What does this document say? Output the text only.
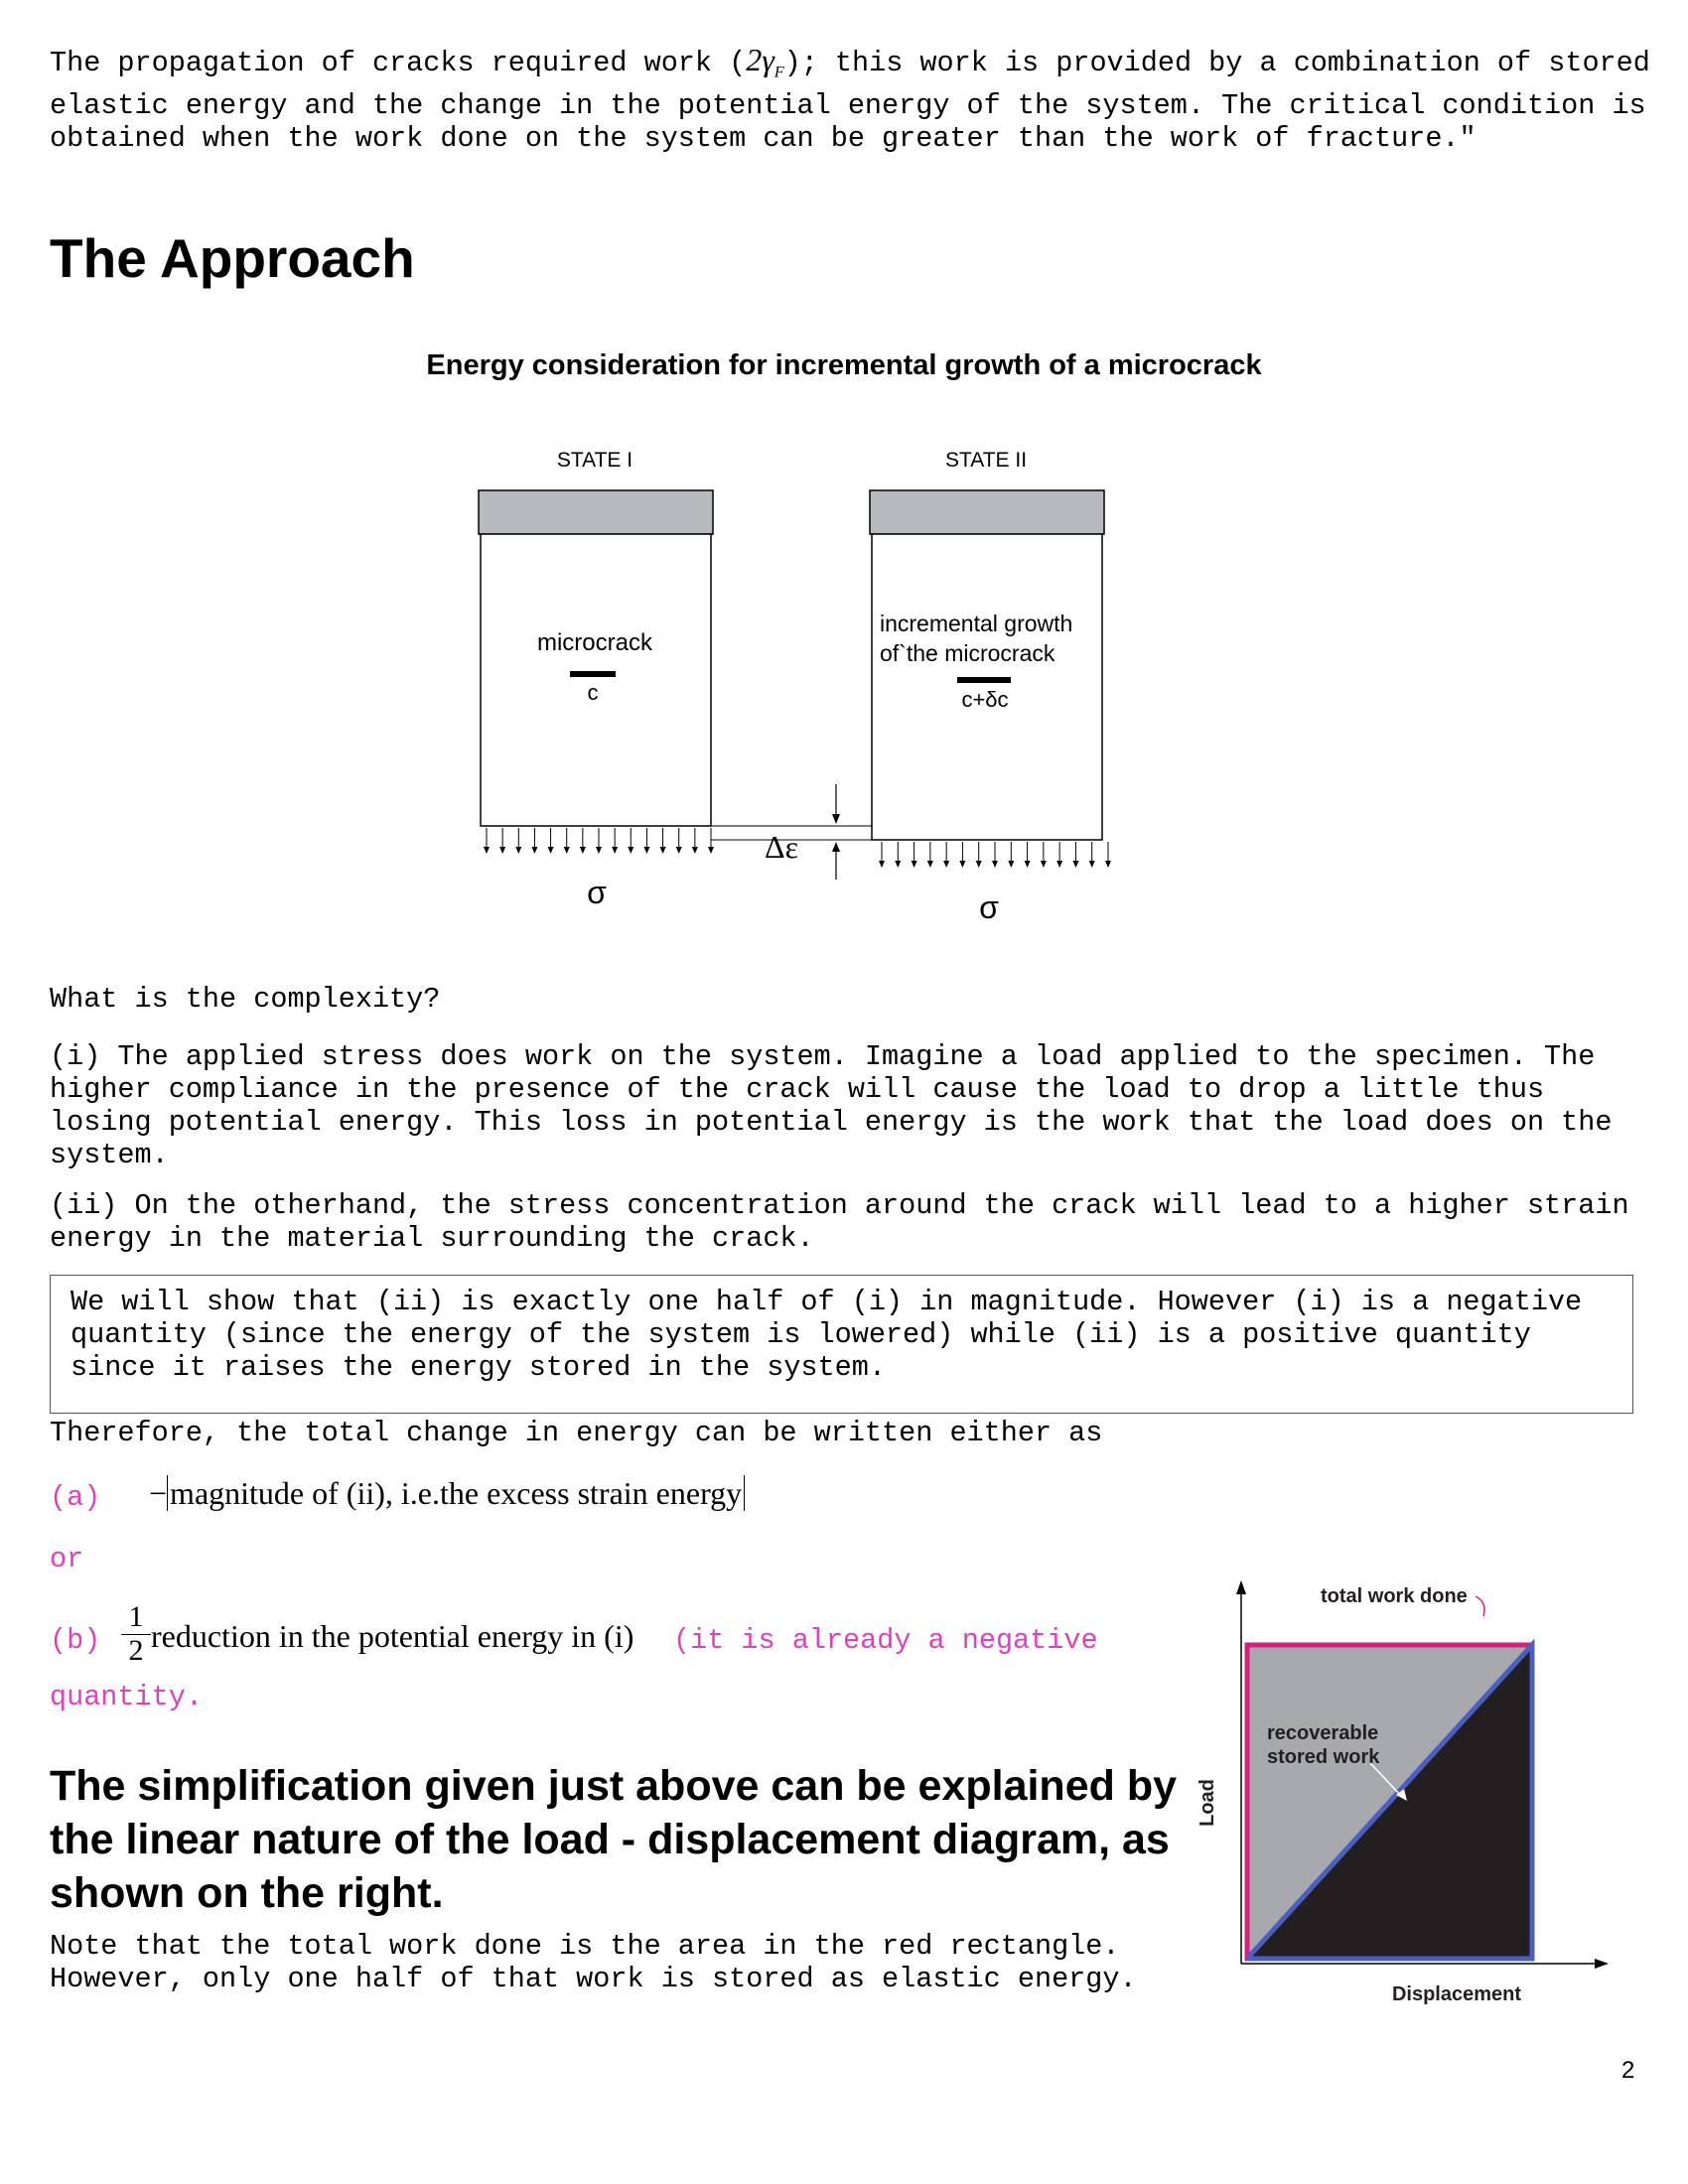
The propagation of cracks required work $(2\gamma_F)$; this work is provided by a combination of stored elastic energy and the change in the potential energy of the system. The critical condition is obtained when the work done on the system can be greater than the work of fracture."

The Approach
Energy consideration for incremental growth of a microcrack
STATE I	STATE II
microcrack
c
incremental growth
of`the microcrack
c+δc
Δε
σ	σ
What is the complexity?

(i) The applied stress does work on the system. Imagine a load applied to the specimen. The higher compliance in the presence of the crack will cause the load to drop a little thus losing potential energy. This loss in potential energy is the work that the load does on the system.

(ii) On the otherhand, the stress concentration around the crack will lead to a higher strain energy in the material surrounding the crack.

We will show that (ii) is exactly one half of (i) in magnitude. However (i) is a negative quantity (since the energy of the system is lowered) while (ii) is a positive quantity since it raises the energy stored in the system.

Therefore, the total change in energy can be written either as
(a) −magnitude of (ii), i.e.the excess strain energy
or
$(b) \frac{1}{2}$ reduction in the potential energy in (i) (it is already a negative
quantity.
The simplification given just above can be explained by the linear nature of the load - displacement diagram, as shown on the right.

Note that the total work done is the area in the red rectangle. However, only one half of that work is stored as elastic energy.

total work done
recoverable
stored work
Load
Displacement
2
